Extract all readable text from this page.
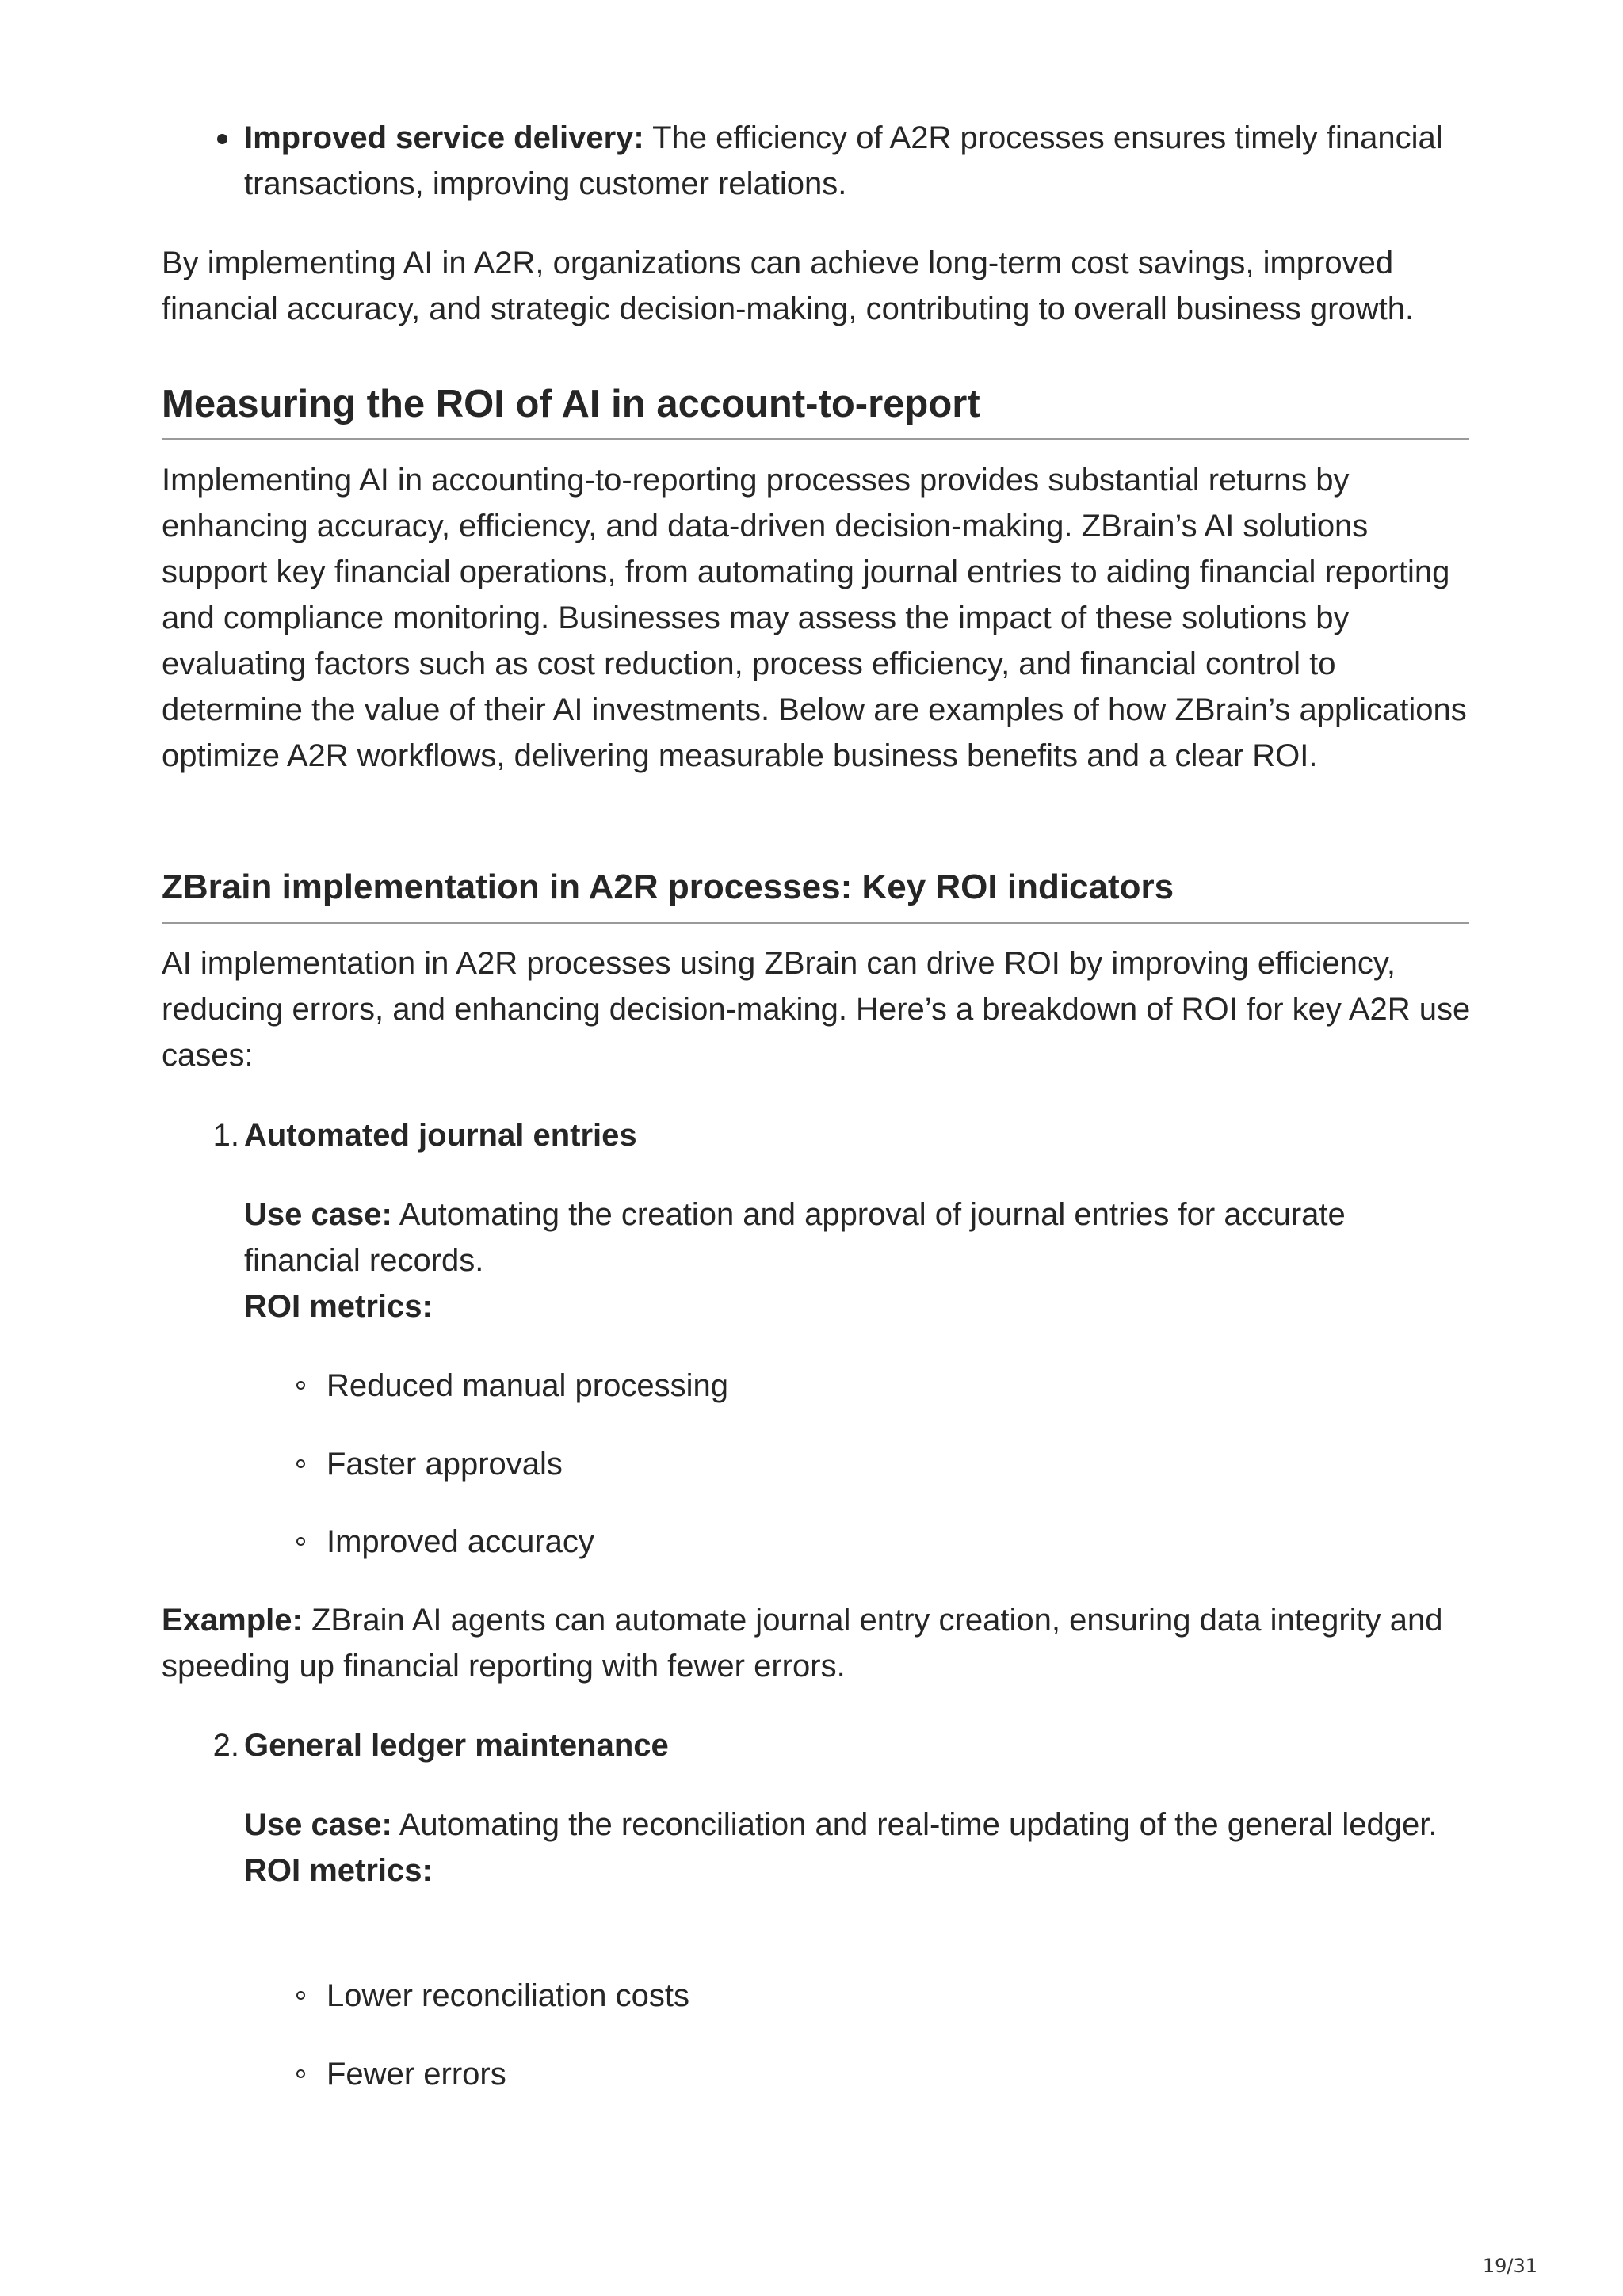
Improved service delivery: The efficiency of A2R processes ensures timely financial transactions, improving customer relations.

By implementing AI in A2R, organizations can achieve long-term cost savings, improved financial accuracy, and strategic decision-making, contributing to overall business growth.

Measuring the ROI of AI in account-to-report

Implementing AI in accounting-to-reporting processes provides substantial returns by enhancing accuracy, efficiency, and data-driven decision-making. ZBrain’s AI solutions support key financial operations, from automating journal entries to aiding financial reporting and compliance monitoring. Businesses may assess the impact of these solutions by evaluating factors such as cost reduction, process efficiency, and financial control to determine the value of their AI investments. Below are examples of how ZBrain’s applications optimize A2R workflows, delivering measurable business benefits and a clear ROI.

ZBrain implementation in A2R processes: Key ROI indicators

AI implementation in A2R processes using ZBrain can drive ROI by improving efficiency, reducing errors, and enhancing decision-making. Here’s a breakdown of ROI for key A2R use cases:

1. Automated journal entries

Use case: Automating the creation and approval of journal entries for accurate financial records.

ROI metrics:

Reduced manual processing
Faster approvals
Improved accuracy

Example: ZBrain AI agents can automate journal entry creation, ensuring data integrity and speeding up financial reporting with fewer errors.

2. General ledger maintenance

Use case: Automating the reconciliation and real-time updating of the general ledger.

ROI metrics:

Lower reconciliation costs
Fewer errors
19/31
